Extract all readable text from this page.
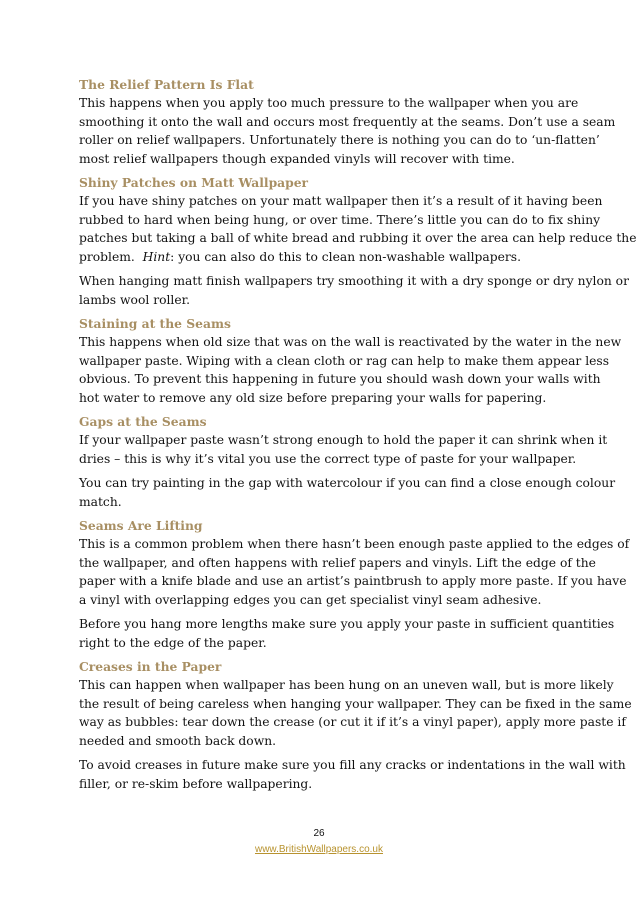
The Relief Pattern Is Flat
This happens when you apply too much pressure to the wallpaper when you are
smoothing it onto the wall and occurs most frequently at the seams. Don’t use a seam
roller on relief wallpapers. Unfortunately there is nothing you can do to ‘un-flatten’
most relief wallpapers though expanded vinyls will recover with time.
Shiny Patches on Matt Wallpaper
If you have shiny patches on your matt wallpaper then it’s a result of it having been
rubbed to hard when being hung, or over time. There’s little you can do to fix shiny
patches but taking a ball of white bread and rubbing it over the area can help reduce the
problem.  Hint: you can also do this to clean non-washable wallpapers.
When hanging matt finish wallpapers try smoothing it with a dry sponge or dry nylon or
lambs wool roller.
Staining at the Seams
This happens when old size that was on the wall is reactivated by the water in the new
wallpaper paste. Wiping with a clean cloth or rag can help to make them appear less
obvious. To prevent this happening in future you should wash down your walls with
hot water to remove any old size before preparing your walls for papering.
Gaps at the Seams
If your wallpaper paste wasn’t strong enough to hold the paper it can shrink when it
dries – this is why it’s vital you use the correct type of paste for your wallpaper.
You can try painting in the gap with watercolour if you can find a close enough colour
match.
Seams Are Lifting
This is a common problem when there hasn’t been enough paste applied to the edges of
the wallpaper, and often happens with relief papers and vinyls. Lift the edge of the
paper with a knife blade and use an artist’s paintbrush to apply more paste. If you have
a vinyl with overlapping edges you can get specialist vinyl seam adhesive.
Before you hang more lengths make sure you apply your paste in sufficient quantities
right to the edge of the paper.
Creases in the Paper
This can happen when wallpaper has been hung on an uneven wall, but is more likely
the result of being careless when hanging your wallpaper. They can be fixed in the same
way as bubbles: tear down the crease (or cut it if it’s a vinyl paper), apply more paste if
needed and smooth back down.
To avoid creases in future make sure you fill any cracks or indentations in the wall with
filler, or re-skim before wallpapering.
26
www.BritishWallpapers.co.uk
